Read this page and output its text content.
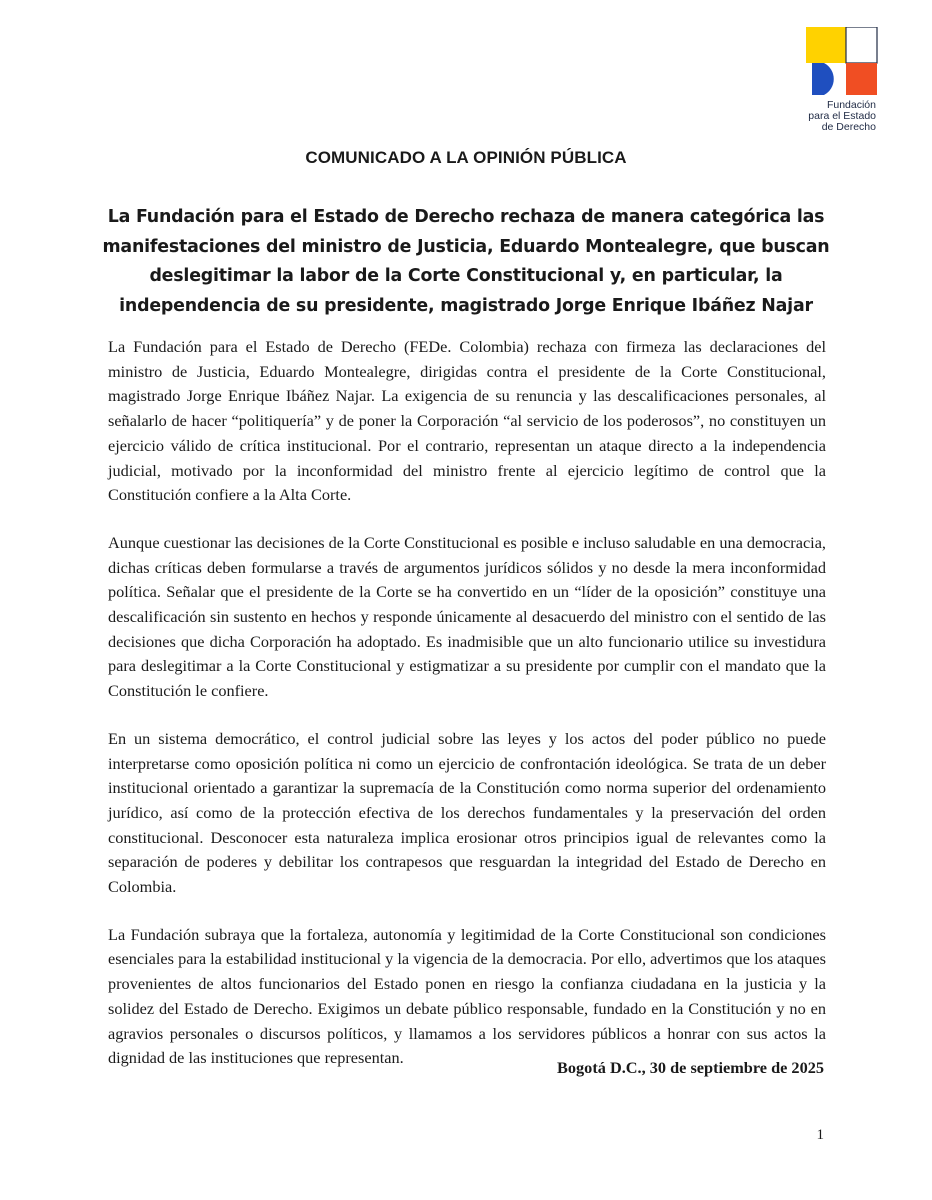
Fundación
para el Estado
de Derecho
COMUNICADO A LA OPINIÓN PÚBLICA
La Fundación para el Estado de Derecho rechaza de manera categórica las
manifestaciones del ministro de Justicia, Eduardo Montealegre, que buscan
deslegitimar la labor de la Corte Constitucional y, en particular, la
independencia de su presidente, magistrado Jorge Enrique Ibáñez Najar

La Fundación para el Estado de Derecho (FEDe. Colombia) rechaza con firmeza las declaraciones del ministro de Justicia, Eduardo Montealegre, dirigidas contra el presidente de la Corte Constitucional, magistrado Jorge Enrique Ibáñez Najar. La exigencia de su renuncia y las descalificaciones personales, al señalarlo de hacer “politiquería” y de poner la Corporación “al servicio de los poderosos”, no constituyen un ejercicio válido de crítica institucional. Por el contrario, representan un ataque directo a la independencia judicial, motivado por la inconformidad del ministro frente al ejercicio legítimo de control que la Constitución confiere a la Alta Corte.

Aunque cuestionar las decisiones de la Corte Constitucional es posible e incluso saludable en una democracia, dichas críticas deben formularse a través de argumentos jurídicos sólidos y no desde la mera inconformidad política. Señalar que el presidente de la Corte se ha convertido en un “líder de la oposición” constituye una descalificación sin sustento en hechos y responde únicamente al desacuerdo del ministro con el sentido de las decisiones que dicha Corporación ha adoptado. Es inadmisible que un alto funcionario utilice su investidura para deslegitimar a la Corte Constitucional y estigmatizar a su presidente por cumplir con el mandato que la Constitución le confiere.

En un sistema democrático, el control judicial sobre las leyes y los actos del poder público no puede interpretarse como oposición política ni como un ejercicio de confrontación ideológica. Se trata de un deber institucional orientado a garantizar la supremacía de la Constitución como norma superior del ordenamiento jurídico, así como de la protección efectiva de los derechos fundamentales y la preservación del orden constitucional. Desconocer esta naturaleza implica erosionar otros principios igual de relevantes como la separación de poderes y debilitar los contrapesos que resguardan la integridad del Estado de Derecho en Colombia.

La Fundación subraya que la fortaleza, autonomía y legitimidad de la Corte Constitucional son condiciones esenciales para la estabilidad institucional y la vigencia de la democracia. Por ello, advertimos que los ataques provenientes de altos funcionarios del Estado ponen en riesgo la confianza ciudadana en la justicia y la solidez del Estado de Derecho. Exigimos un debate público responsable, fundado en la Constitución y no en agravios personales o discursos políticos, y llamamos a los servidores públicos a honrar con sus actos la dignidad de las instituciones que representan.

Bogotá D.C., 30 de septiembre de 2025
1
